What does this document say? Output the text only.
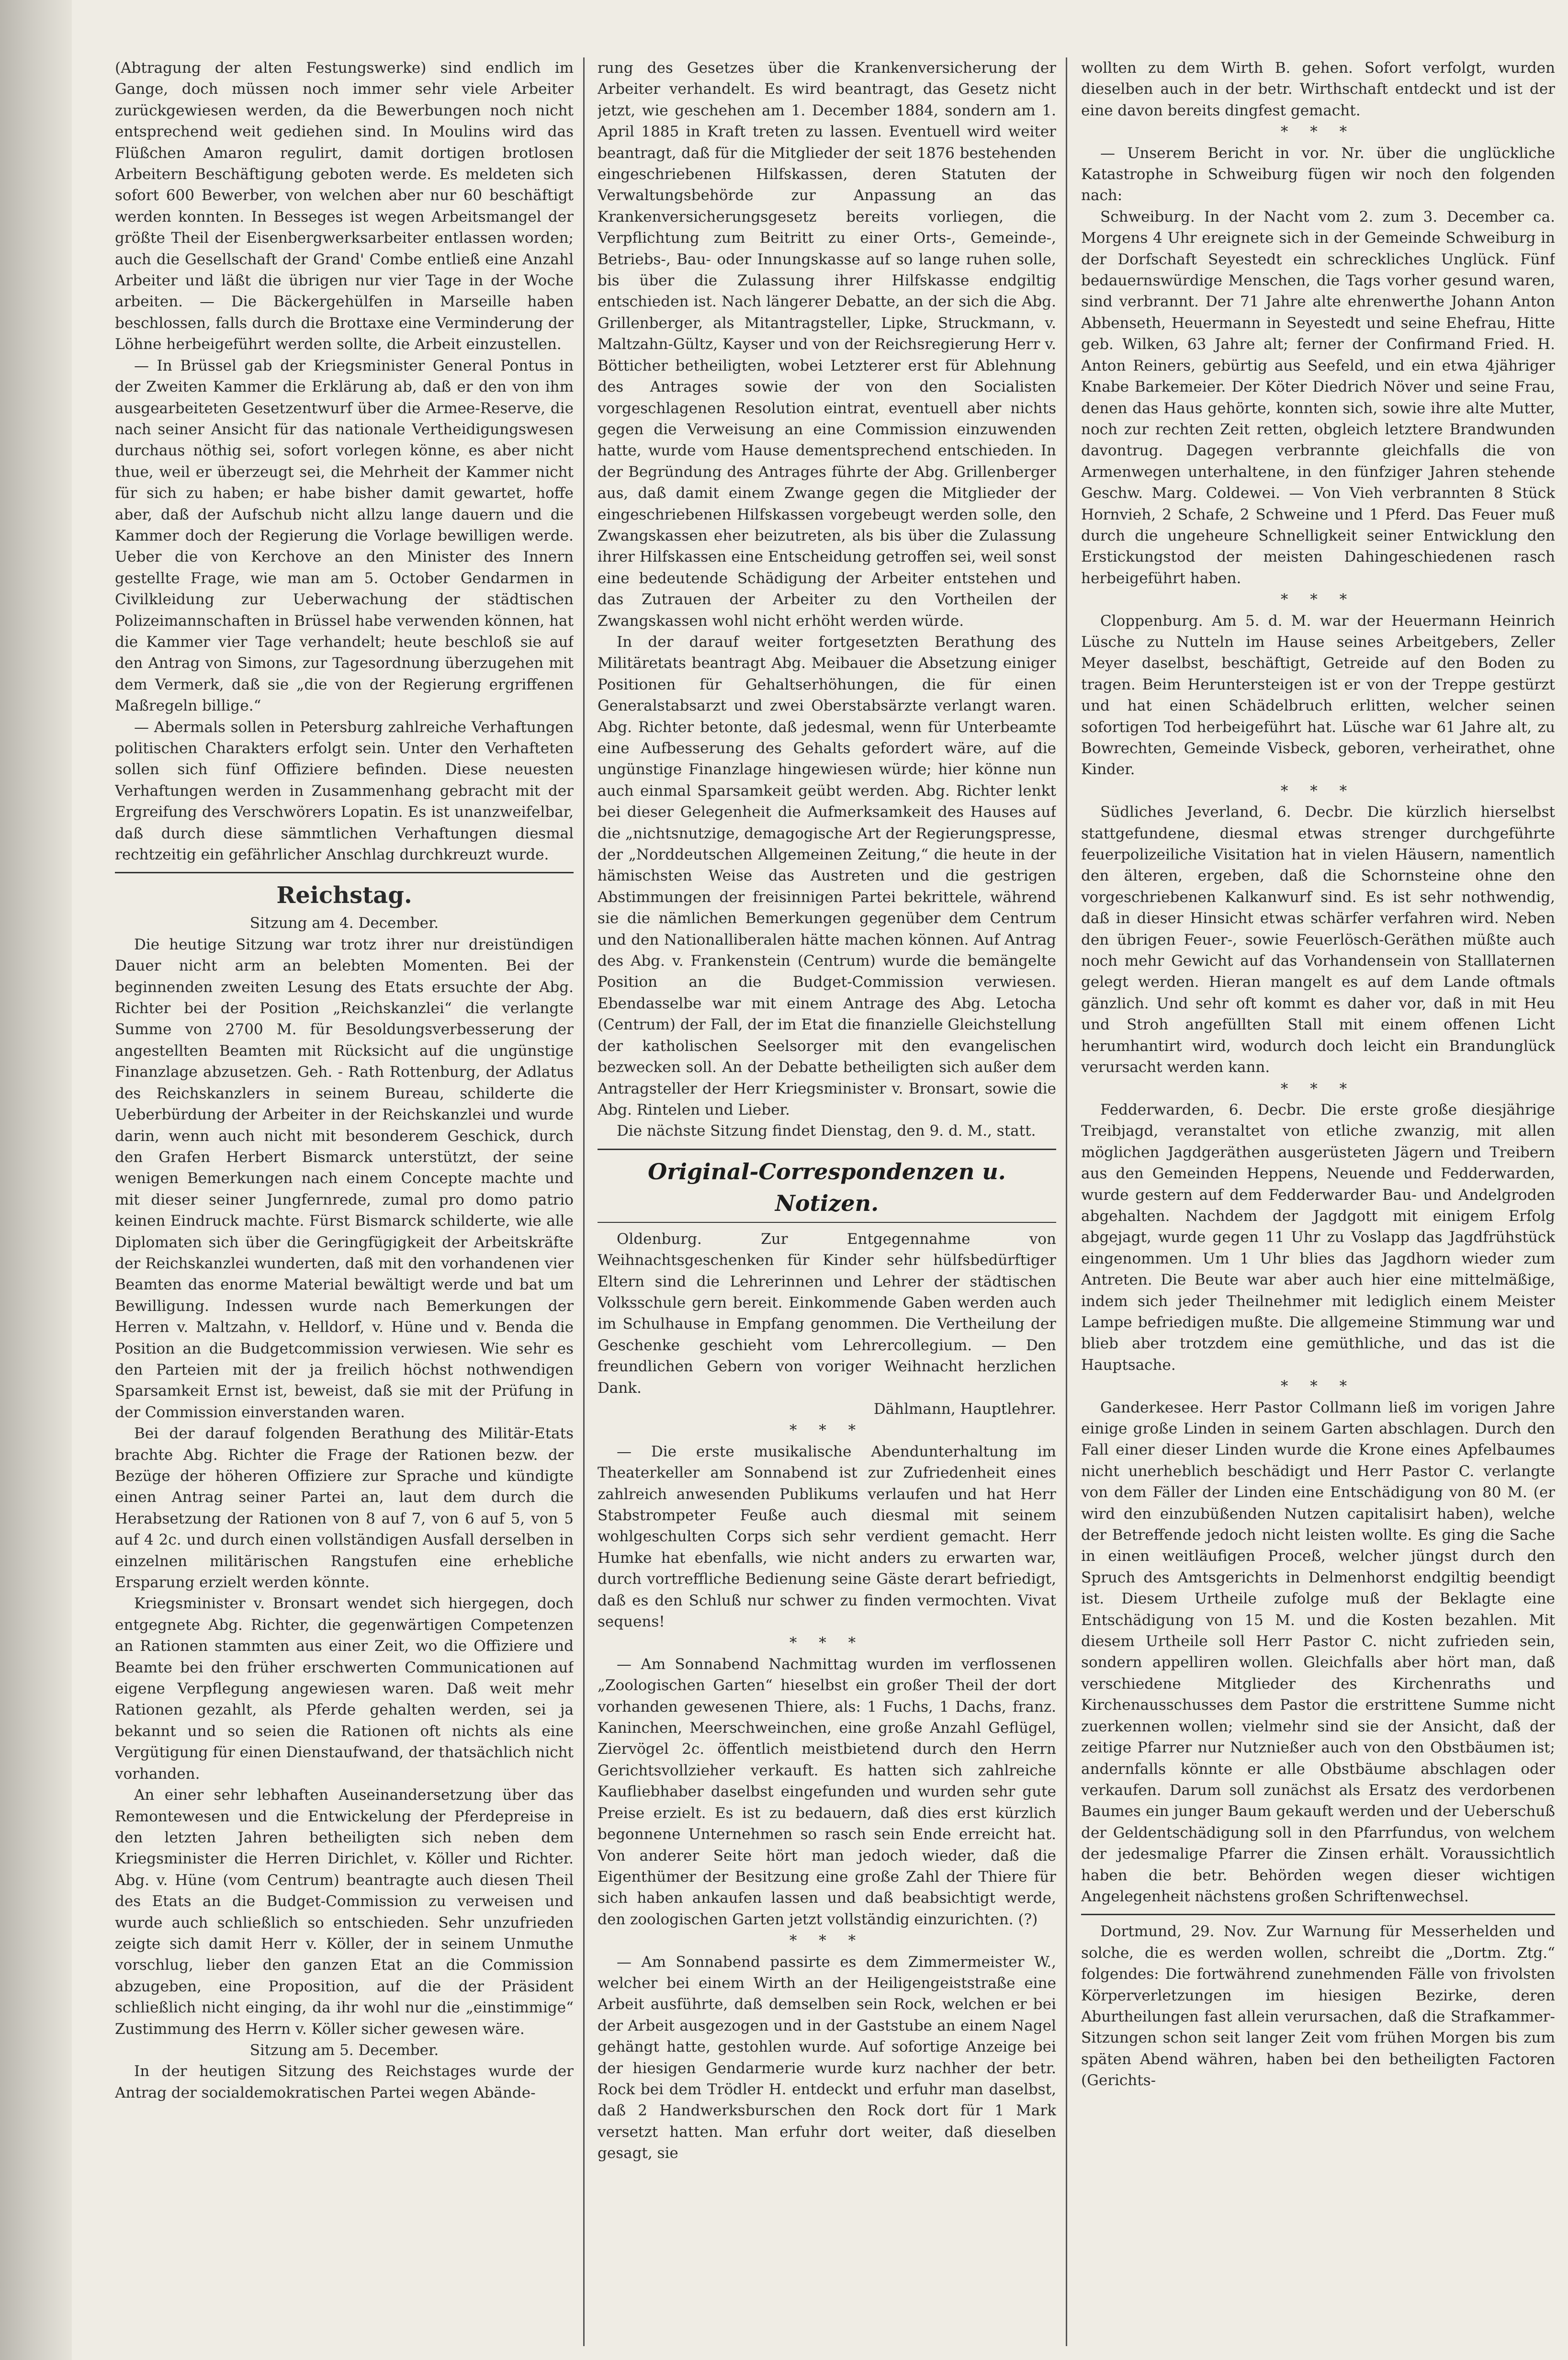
(Abtragung der alten Festungswerke) sind endlich im Gange, doch müssen noch immer sehr viele Arbeiter zurückgewiesen werden, da die Bewerbungen noch nicht entsprechend weit gediehen sind. In Moulins wird das Flüßchen Amaron regulirt, damit dortigen brotlosen Arbeitern Beschäftigung geboten werde. Es meldeten sich sofort 600 Bewerber, von welchen aber nur 60 beschäftigt werden konnten. In Besseges ist wegen Arbeitsmangel der größte Theil der Eisenbergwerksarbeiter entlassen worden; auch die Gesellschaft der Grand' Combe entließ eine Anzahl Arbeiter und läßt die übrigen nur vier Tage in der Woche arbeiten. — Die Bäckergehülfen in Marseille haben beschlossen, falls durch die Brottaxe eine Verminderung der Löhne herbeigeführt werden sollte, die Arbeit einzustellen.

— In Brüssel gab der Kriegsminister General Pontus in der Zweiten Kammer die Erklärung ab, daß er den von ihm ausgearbeiteten Gesetzentwurf über die Armee-Reserve, die nach seiner Ansicht für das nationale Vertheidigungswesen durchaus nöthig sei, sofort vorlegen könne, es aber nicht thue, weil er überzeugt sei, die Mehrheit der Kammer nicht für sich zu haben; er habe bisher damit gewartet, hoffe aber, daß der Aufschub nicht allzu lange dauern und die Kammer doch der Regierung die Vorlage bewilligen werde. Ueber die von Kerchove an den Minister des Innern gestellte Frage, wie man am 5. October Gendarmen in Civilkleidung zur Ueberwachung der städtischen Polizeimannschaften in Brüssel habe verwenden können, hat die Kammer vier Tage verhandelt; heute beschloß sie auf den Antrag von Simons, zur Tagesordnung überzugehen mit dem Vermerk, daß sie „die von der Regierung ergriffenen Maßregeln billige.“

— Abermals sollen in Petersburg zahlreiche Verhaftungen politischen Charakters erfolgt sein. Unter den Verhafteten sollen sich fünf Offiziere befinden. Diese neuesten Verhaftungen werden in Zusammenhang gebracht mit der Ergreifung des Verschwörers Lopatin. Es ist unanzweifelbar, daß durch diese sämmtlichen Verhaftungen diesmal rechtzeitig ein gefährlicher Anschlag durchkreuzt wurde.

Reichstag.

Sitzung am 4. December.

Die heutige Sitzung war trotz ihrer nur dreistündigen Dauer nicht arm an belebten Momenten. Bei der beginnenden zweiten Lesung des Etats ersuchte der Abg. Richter bei der Position „Reichskanzlei“ die verlangte Summe von 2700 M. für Besoldungsverbesserung der angestellten Beamten mit Rücksicht auf die ungünstige Finanzlage abzusetzen. Geh. - Rath Rottenburg, der Adlatus des Reichskanzlers in seinem Bureau, schilderte die Ueberbürdung der Arbeiter in der Reichskanzlei und wurde darin, wenn auch nicht mit besonderem Geschick, durch den Grafen Herbert Bismarck unterstützt, der seine wenigen Bemerkungen nach einem Concepte machte und mit dieser seiner Jungfernrede, zumal pro domo patrio keinen Eindruck machte. Fürst Bismarck schilderte, wie alle Diplomaten sich über die Geringfügigkeit der Arbeitskräfte der Reichskanzlei wunderten, daß mit den vorhandenen vier Beamten das enorme Material bewältigt werde und bat um Bewilligung. Indessen wurde nach Bemerkungen der Herren v. Maltzahn, v. Helldorf, v. Hüne und v. Benda die Position an die Budgetcommission verwiesen. Wie sehr es den Parteien mit der ja freilich höchst nothwendigen Sparsamkeit Ernst ist, beweist, daß sie mit der Prüfung in der Commission einverstanden waren.

Bei der darauf folgenden Berathung des Militär-Etats brachte Abg. Richter die Frage der Rationen bezw. der Bezüge der höheren Offiziere zur Sprache und kündigte einen Antrag seiner Partei an, laut dem durch die Herabsetzung der Rationen von 8 auf 7, von 6 auf 5, von 5 auf 4 2c. und durch einen vollständigen Ausfall derselben in einzelnen militärischen Rangstufen eine erhebliche Ersparung erzielt werden könnte.

Kriegsminister v. Bronsart wendet sich hiergegen, doch entgegnete Abg. Richter, die gegenwärtigen Competenzen an Rationen stammten aus einer Zeit, wo die Offiziere und Beamte bei den früher erschwerten Communicationen auf eigene Verpflegung angewiesen waren. Daß weit mehr Rationen gezahlt, als Pferde gehalten werden, sei ja bekannt und so seien die Rationen oft nichts als eine Vergütigung für einen Dienstaufwand, der thatsächlich nicht vorhanden.

An einer sehr lebhaften Auseinandersetzung über das Remontewesen und die Entwickelung der Pferdepreise in den letzten Jahren betheiligten sich neben dem Kriegsminister die Herren Dirichlet, v. Köller und Richter. Abg. v. Hüne (vom Centrum) beantragte auch diesen Theil des Etats an die Budget-Commission zu verweisen und wurde auch schließlich so entschieden. Sehr unzufrieden zeigte sich damit Herr v. Köller, der in seinem Unmuthe vorschlug, lieber den ganzen Etat an die Commission abzugeben, eine Proposition, auf die der Präsident schließlich nicht einging, da ihr wohl nur die „einstimmige“ Zustimmung des Herrn v. Köller sicher gewesen wäre.

Sitzung am 5. December.

In der heutigen Sitzung des Reichstages wurde der Antrag der socialdemokratischen Partei wegen Abände-

rung des Gesetzes über die Krankenversicherung der Arbeiter verhandelt. Es wird beantragt, das Gesetz nicht jetzt, wie geschehen am 1. December 1884, sondern am 1. April 1885 in Kraft treten zu lassen. Eventuell wird weiter beantragt, daß für die Mitglieder der seit 1876 bestehenden eingeschriebenen Hilfskassen, deren Statuten der Verwaltungsbehörde zur Anpassung an das Krankenversicherungsgesetz bereits vorliegen, die Verpflichtung zum Beitritt zu einer Orts-, Gemeinde-, Betriebs-, Bau- oder Innungskasse auf so lange ruhen solle, bis über die Zulassung ihrer Hilfskasse endgiltig entschieden ist. Nach längerer Debatte, an der sich die Abg. Grillenberger, als Mitantragsteller, Lipke, Struckmann, v. Maltzahn-Gültz, Kayser und von der Reichsregierung Herr v. Bötticher betheiligten, wobei Letzterer erst für Ablehnung des Antrages sowie der von den Socialisten vorgeschlagenen Resolution eintrat, eventuell aber nichts gegen die Verweisung an eine Commission einzuwenden hatte, wurde vom Hause dementsprechend entschieden. In der Begründung des Antrages führte der Abg. Grillenberger aus, daß damit einem Zwange gegen die Mitglieder der eingeschriebenen Hilfskassen vorgebeugt werden solle, den Zwangskassen eher beizutreten, als bis über die Zulassung ihrer Hilfskassen eine Entscheidung getroffen sei, weil sonst eine bedeutende Schädigung der Arbeiter entstehen und das Zutrauen der Arbeiter zu den Vortheilen der Zwangskassen wohl nicht erhöht werden würde.

In der darauf weiter fortgesetzten Berathung des Militäretats beantragt Abg. Meibauer die Absetzung einiger Positionen für Gehaltserhöhungen, die für einen Generalstabsarzt und zwei Oberstabsärzte verlangt waren. Abg. Richter betonte, daß jedesmal, wenn für Unterbeamte eine Aufbesserung des Gehalts gefordert wäre, auf die ungünstige Finanzlage hingewiesen würde; hier könne nun auch einmal Sparsamkeit geübt werden. Abg. Richter lenkt bei dieser Gelegenheit die Aufmerksamkeit des Hauses auf die „nichtsnutzige, demagogische Art der Regierungspresse, der „Norddeutschen Allgemeinen Zeitung,“ die heute in der hämischsten Weise das Austreten und die gestrigen Abstimmungen der freisinnigen Partei bekrittele, während sie die nämlichen Bemerkungen gegenüber dem Centrum und den Nationalliberalen hätte machen können. Auf Antrag des Abg. v. Frankenstein (Centrum) wurde die bemängelte Position an die Budget-Commission verwiesen. Ebendasselbe war mit einem Antrage des Abg. Letocha (Centrum) der Fall, der im Etat die finanzielle Gleichstellung der katholischen Seelsorger mit den evangelischen bezwecken soll. An der Debatte betheiligten sich außer dem Antragsteller der Herr Kriegsminister v. Bronsart, sowie die Abg. Rintelen und Lieber.

Die nächste Sitzung findet Dienstag, den 9. d. M., statt.

Original-Correspondenzen u. Notizen.

Oldenburg. Zur Entgegennahme von Weihnachtsgeschenken für Kinder sehr hülfsbedürftiger Eltern sind die Lehrerinnen und Lehrer der städtischen Volksschule gern bereit. Einkommende Gaben werden auch im Schulhause in Empfang genommen. Die Vertheilung der Geschenke geschieht vom Lehrercollegium. — Den freundlichen Gebern von voriger Weihnacht herzlichen Dank.

Dählmann, Hauptlehrer.

* * *

— Die erste musikalische Abendunterhaltung im Theaterkeller am Sonnabend ist zur Zufriedenheit eines zahlreich anwesenden Publikums verlaufen und hat Herr Stabstrompeter Feuße auch diesmal mit seinem wohlgeschulten Corps sich sehr verdient gemacht. Herr Humke hat ebenfalls, wie nicht anders zu erwarten war, durch vortreffliche Bedienung seine Gäste derart befriedigt, daß es den Schluß nur schwer zu finden vermochten. Vivat sequens!

* * *

— Am Sonnabend Nachmittag wurden im verflossenen „Zoologischen Garten“ hieselbst ein großer Theil der dort vorhanden gewesenen Thiere, als: 1 Fuchs, 1 Dachs, franz. Kaninchen, Meerschweinchen, eine große Anzahl Geflügel, Ziervögel 2c. öffentlich meistbietend durch den Herrn Gerichtsvollzieher verkauft. Es hatten sich zahlreiche Kaufliebhaber daselbst eingefunden und wurden sehr gute Preise erzielt. Es ist zu bedauern, daß dies erst kürzlich begonnene Unternehmen so rasch sein Ende erreicht hat. Von anderer Seite hört man jedoch wieder, daß die Eigenthümer der Besitzung eine große Zahl der Thiere für sich haben ankaufen lassen und daß beabsichtigt werde, den zoologischen Garten jetzt vollständig einzurichten. (?)

* * *

— Am Sonnabend passirte es dem Zimmermeister W., welcher bei einem Wirth an der Heiligengeiststraße eine Arbeit ausführte, daß demselben sein Rock, welchen er bei der Arbeit ausgezogen und in der Gaststube an einem Nagel gehängt hatte, gestohlen wurde. Auf sofortige Anzeige bei der hiesigen Gendarmerie wurde kurz nachher der betr. Rock bei dem Trödler H. entdeckt und erfuhr man daselbst, daß 2 Handwerksburschen den Rock dort für 1 Mark versetzt hatten. Man erfuhr dort weiter, daß dieselben gesagt, sie

wollten zu dem Wirth B. gehen. Sofort verfolgt, wurden dieselben auch in der betr. Wirthschaft entdeckt und ist der eine davon bereits dingfest gemacht.

* * *

— Unserem Bericht in vor. Nr. über die unglückliche Katastrophe in Schweiburg fügen wir noch den folgenden nach:

Schweiburg. In der Nacht vom 2. zum 3. December ca. Morgens 4 Uhr ereignete sich in der Gemeinde Schweiburg in der Dorfschaft Seyestedt ein schreckliches Unglück. Fünf bedauernswürdige Menschen, die Tags vorher gesund waren, sind verbrannt. Der 71 Jahre alte ehrenwerthe Johann Anton Abbenseth, Heuermann in Seyestedt und seine Ehefrau, Hitte geb. Wilken, 63 Jahre alt; ferner der Confirmand Fried. H. Anton Reiners, gebürtig aus Seefeld, und ein etwa 4jähriger Knabe Barkemeier. Der Köter Diedrich Növer und seine Frau, denen das Haus gehörte, konnten sich, sowie ihre alte Mutter, noch zur rechten Zeit retten, obgleich letztere Brandwunden davontrug. Dagegen verbrannte gleichfalls die von Armenwegen unterhaltene, in den fünfziger Jahren stehende Geschw. Marg. Coldewei. — Von Vieh verbrannten 8 Stück Hornvieh, 2 Schafe, 2 Schweine und 1 Pferd. Das Feuer muß durch die ungeheure Schnelligkeit seiner Entwicklung den Erstickungstod der meisten Dahingeschiedenen rasch herbeigeführt haben.

* * *

Cloppenburg. Am 5. d. M. war der Heuermann Heinrich Lüsche zu Nutteln im Hause seines Arbeitgebers, Zeller Meyer daselbst, beschäftigt, Getreide auf den Boden zu tragen. Beim Heruntersteigen ist er von der Treppe gestürzt und hat einen Schädelbruch erlitten, welcher seinen sofortigen Tod herbeigeführt hat. Lüsche war 61 Jahre alt, zu Bowrechten, Gemeinde Visbeck, geboren, verheirathet, ohne Kinder.

* * *

Südliches Jeverland, 6. Decbr. Die kürzlich hierselbst stattgefundene, diesmal etwas strenger durchgeführte feuerpolizeiliche Visitation hat in vielen Häusern, namentlich den älteren, ergeben, daß die Schornsteine ohne den vorgeschriebenen Kalkanwurf sind. Es ist sehr nothwendig, daß in dieser Hinsicht etwas schärfer verfahren wird. Neben den übrigen Feuer-, sowie Feuerlösch-Geräthen müßte auch noch mehr Gewicht auf das Vorhandensein von Stalllaternen gelegt werden. Hieran mangelt es auf dem Lande oftmals gänzlich. Und sehr oft kommt es daher vor, daß in mit Heu und Stroh angefüllten Stall mit einem offenen Licht herumhantirt wird, wodurch doch leicht ein Brandunglück verursacht werden kann.

* * *

Fedderwarden, 6. Decbr. Die erste große diesjährige Treibjagd, veranstaltet von etliche zwanzig, mit allen möglichen Jagdgeräthen ausgerüsteten Jägern und Treibern aus den Gemeinden Heppens, Neuende und Fedderwarden, wurde gestern auf dem Fedderwarder Bau- und Andelgroden abgehalten. Nachdem der Jagdgott mit einigem Erfolg abgejagt, wurde gegen 11 Uhr zu Voslapp das Jagdfrühstück eingenommen. Um 1 Uhr blies das Jagdhorn wieder zum Antreten. Die Beute war aber auch hier eine mittelmäßige, indem sich jeder Theilnehmer mit lediglich einem Meister Lampe befriedigen mußte. Die allgemeine Stimmung war und blieb aber trotzdem eine gemüthliche, und das ist die Hauptsache.

* * *

Ganderkesee. Herr Pastor Collmann ließ im vorigen Jahre einige große Linden in seinem Garten abschlagen. Durch den Fall einer dieser Linden wurde die Krone eines Apfelbaumes nicht unerheblich beschädigt und Herr Pastor C. verlangte von dem Fäller der Linden eine Entschädigung von 80 M. (er wird den einzubüßenden Nutzen capitalisirt haben), welche der Betreffende jedoch nicht leisten wollte. Es ging die Sache in einen weitläufigen Proceß, welcher jüngst durch den Spruch des Amtsgerichts in Delmenhorst endgiltig beendigt ist. Diesem Urtheile zufolge muß der Beklagte eine Entschädigung von 15 M. und die Kosten bezahlen. Mit diesem Urtheile soll Herr Pastor C. nicht zufrieden sein, sondern appelliren wollen. Gleichfalls aber hört man, daß verschiedene Mitglieder des Kirchenraths und Kirchenausschusses dem Pastor die erstrittene Summe nicht zuerkennen wollen; vielmehr sind sie der Ansicht, daß der zeitige Pfarrer nur Nutznießer auch von den Obstbäumen ist; andernfalls könnte er alle Obstbäume abschlagen oder verkaufen. Darum soll zunächst als Ersatz des verdorbenen Baumes ein junger Baum gekauft werden und der Ueberschuß der Geldentschädigung soll in den Pfarrfundus, von welchem der jedesmalige Pfarrer die Zinsen erhält. Voraussichtlich haben die betr. Behörden wegen dieser wichtigen Angelegenheit nächstens großen Schriftenwechsel.

Dortmund, 29. Nov. Zur Warnung für Messerhelden und solche, die es werden wollen, schreibt die „Dortm. Ztg.“ folgendes: Die fortwährend zunehmenden Fälle von frivolsten Körperverletzungen im hiesigen Bezirke, deren Aburtheilungen fast allein verursachen, daß die Strafkammer-Sitzungen schon seit langer Zeit vom frühen Morgen bis zum späten Abend währen, haben bei den betheiligten Factoren (Gerichts-
